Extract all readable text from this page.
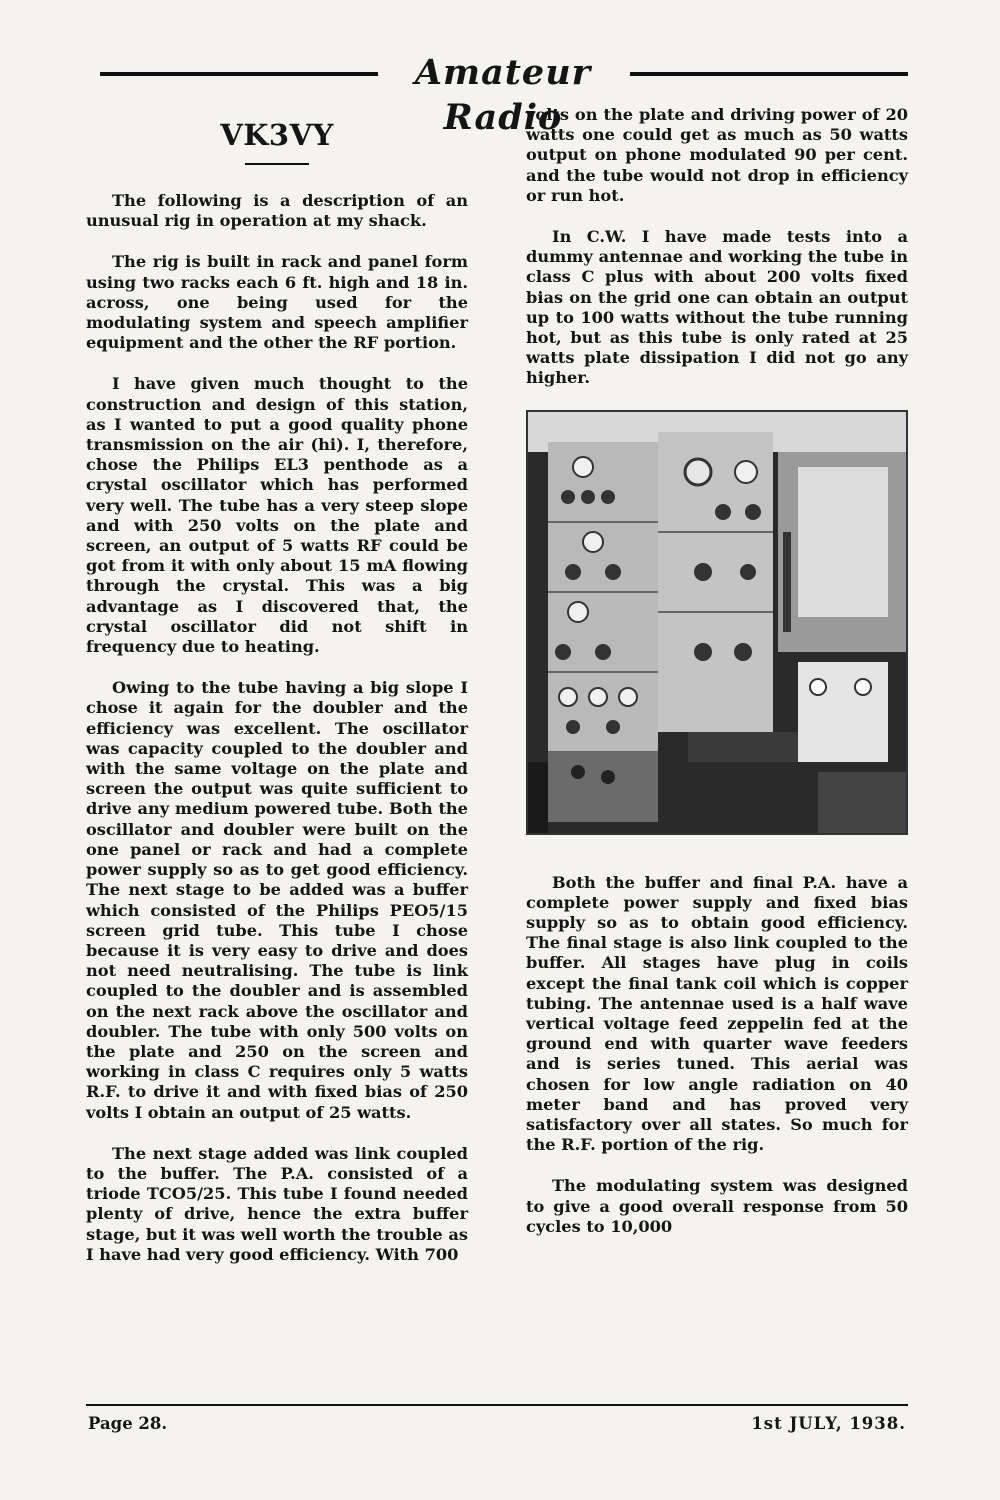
Amateur Radio
VK3VY

The following is a description of an unusual rig in operation at my shack.

The rig is built in rack and panel form using two racks each 6 ft. high and 18 in. across, one being used for the modulating system and speech amplifier equipment and the other the RF portion.

I have given much thought to the construction and design of this station, as I wanted to put a good quality phone transmission on the air (hi). I, therefore, chose the Philips EL3 penthode as a crystal oscillator which has performed very well. The tube has a very steep slope and with 250 volts on the plate and screen, an output of 5 watts RF could be got from it with only about 15 mA flowing through the crystal. This was a big advantage as I discovered that, the crystal oscillator did not shift in frequency due to heating.

Owing to the tube having a big slope I chose it again for the doubler and the efficiency was excellent. The oscillator was capacity coupled to the doubler and with the same voltage on the plate and screen the output was quite sufficient to drive any medium powered tube. Both the oscillator and doubler were built on the one panel or rack and had a complete power supply so as to get good efficiency. The next stage to be added was a buffer which consisted of the Philips PEO5/15 screen grid tube. This tube I chose because it is very easy to drive and does not need neutralising. The tube is link coupled to the doubler and is assembled on the next rack above the oscillator and doubler. The tube with only 500 volts on the plate and 250 on the screen and working in class C requires only 5 watts R.F. to drive it and with fixed bias of 250 volts I obtain an output of 25 watts.

The next stage added was link coupled to the buffer. The P.A. consisted of a triode TCO5/25. This tube I found needed plenty of drive, hence the extra buffer stage, but it was well worth the trouble as I have had very good efficiency. With 700

volts on the plate and driving power of 20 watts one could get as much as 50 watts output on phone modulated 90 per cent. and the tube would not drop in efficiency or run hot.

In C.W. I have made tests into a dummy antennae and working the tube in class C plus with about 200 volts fixed bias on the grid one can obtain an output up to 100 watts without the tube running hot, but as this tube is only rated at 25 watts plate dissipation I did not go any higher.

Both the buffer and final P.A. have a complete power supply and fixed bias supply so as to obtain good efficiency. The final stage is also link coupled to the buffer. All stages have plug in coils except the final tank coil which is copper tubing. The antennae used is a half wave vertical voltage feed zeppelin fed at the ground end with quarter wave feeders and is series tuned. This aerial was chosen for low angle radiation on 40 meter band and has proved very satisfactory over all states. So much for the R.F. portion of the rig.

The modulating system was designed to give a good overall response from 50 cycles to 10,000

Page 28.	1st JULY, 1938.
